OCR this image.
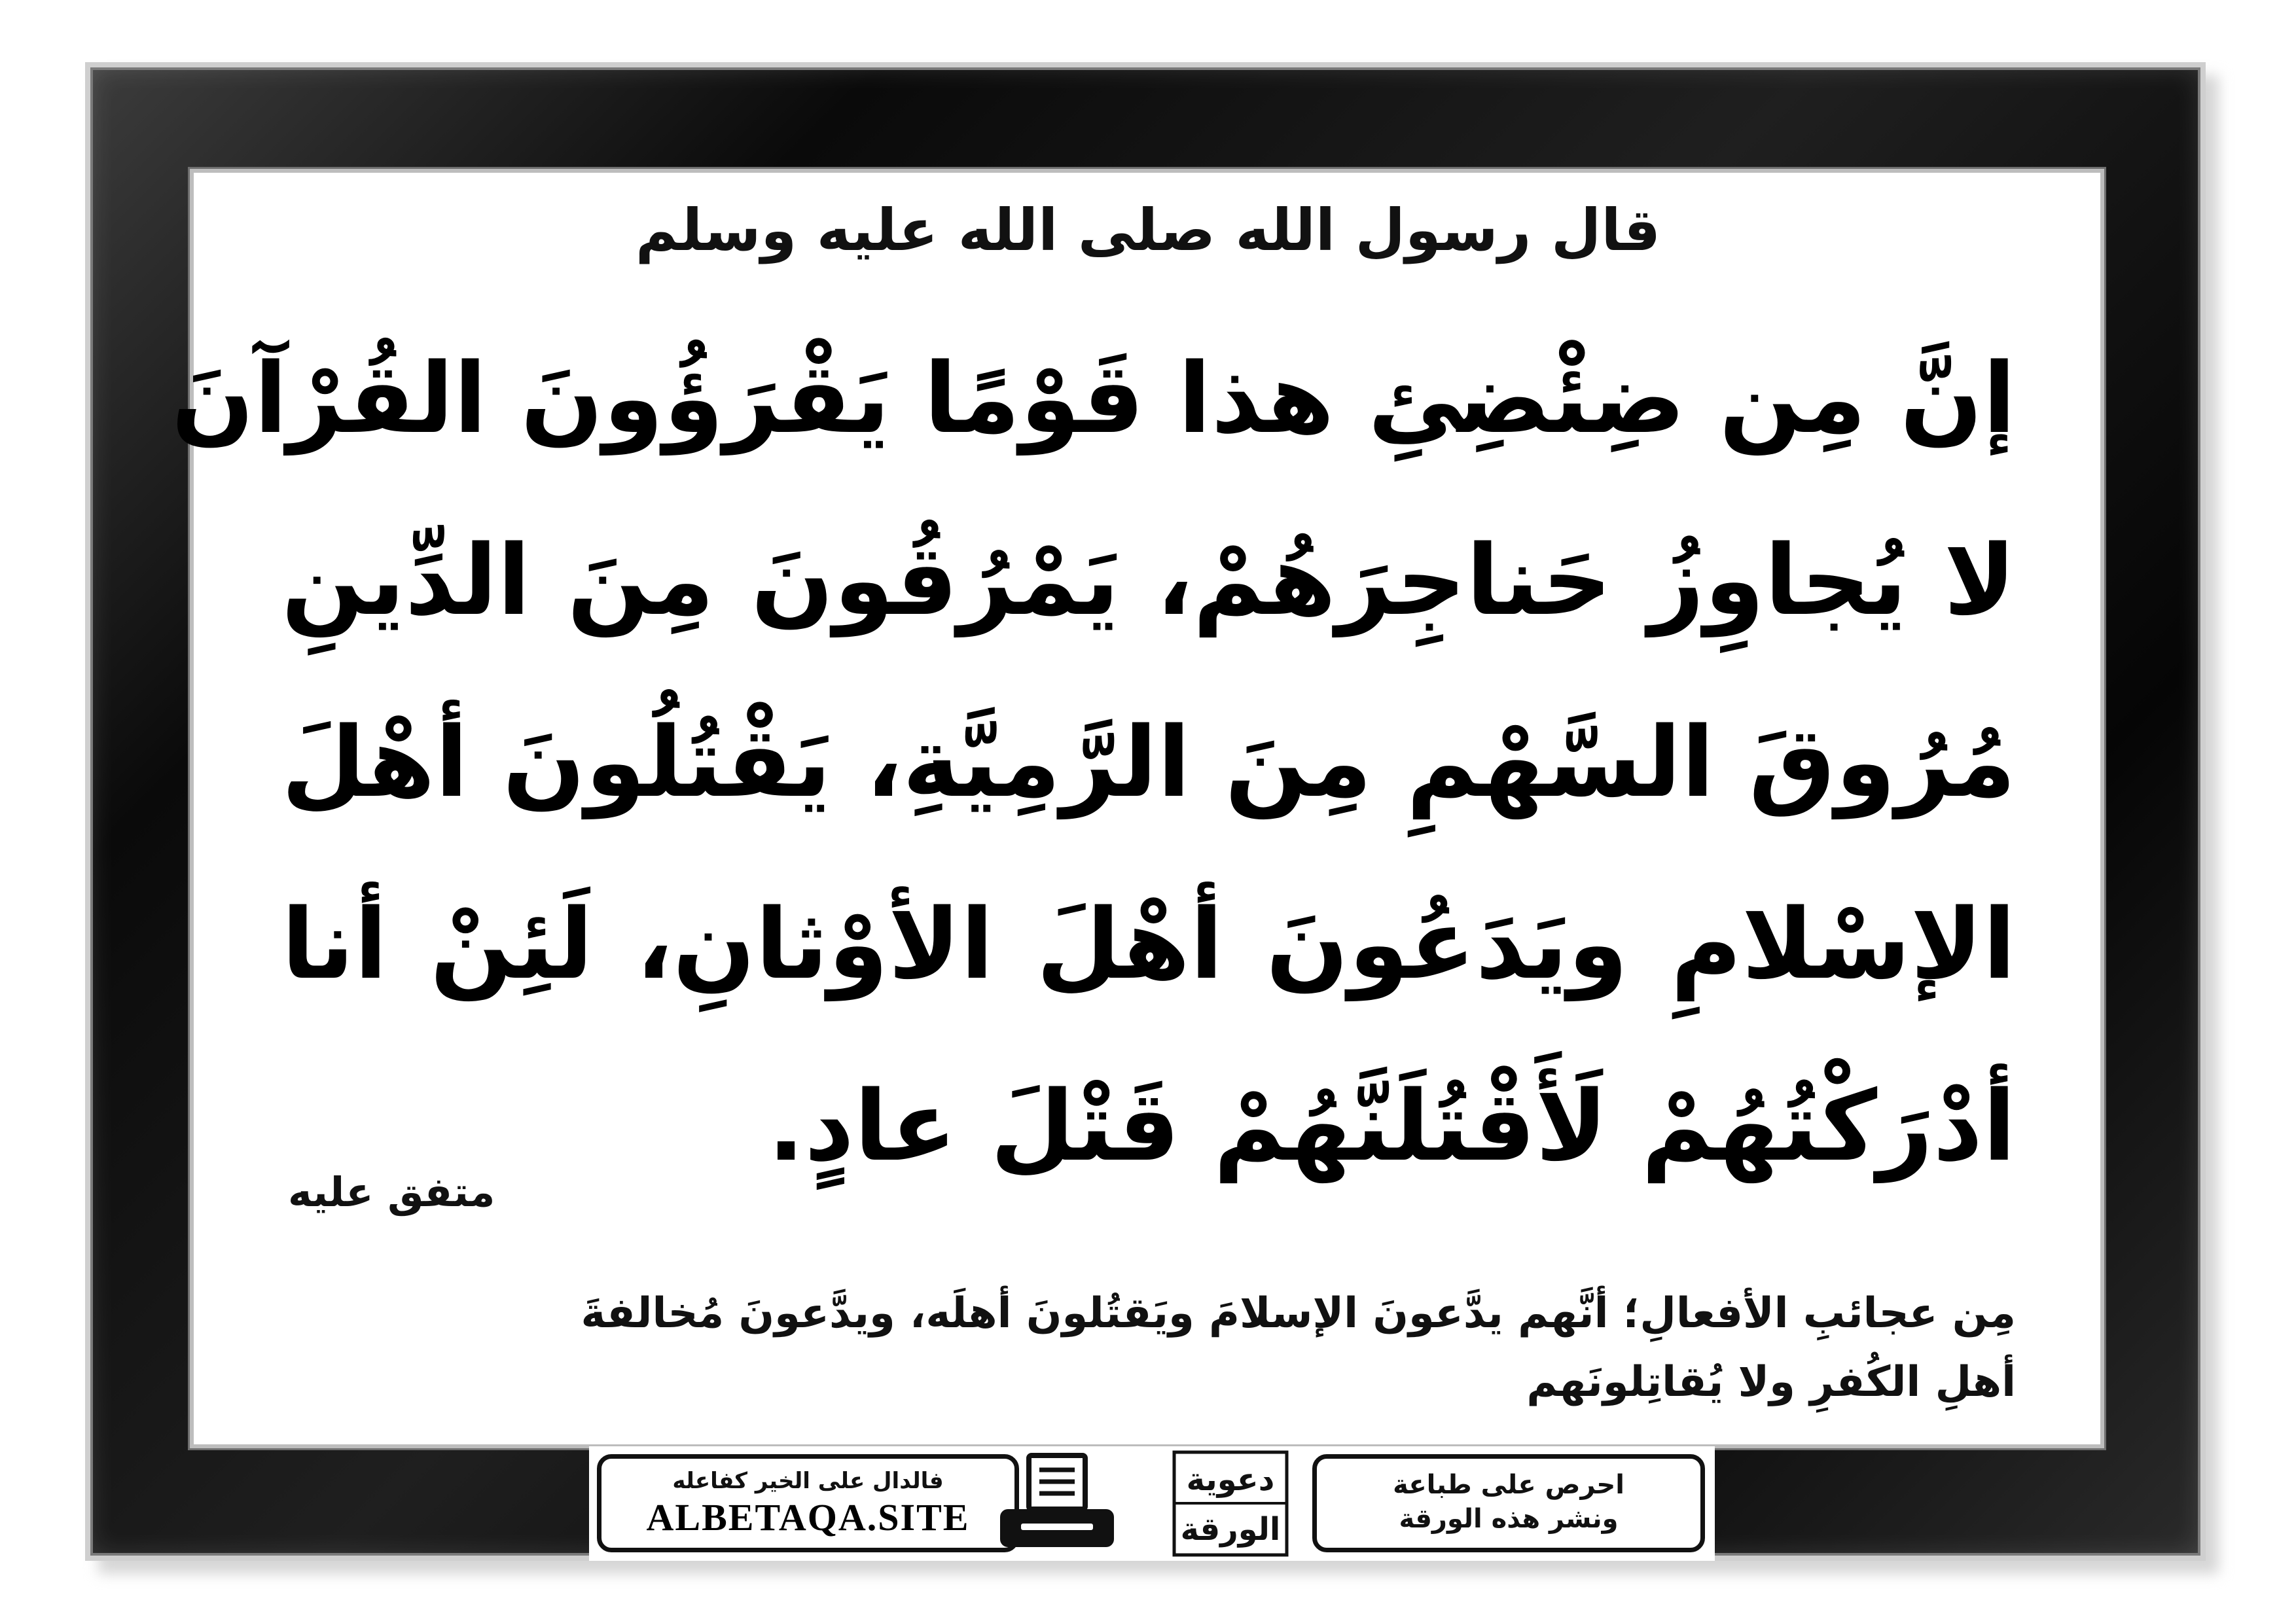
قال رسول الله صلى الله عليه وسلم
إنَّ مِن ضِئْضِئِ هذا قَوْمًا يَقْرَؤُونَ القُرْآنَ
لا يُجاوِزُ حَناجِرَهُمْ، يَمْرُقُونَ مِنَ الدِّينِ
مُرُوقَ السَّهْمِ مِنَ الرَّمِيَّةِ، يَقْتُلُونَ أهْلَ
الإسْلامِ ويَدَعُونَ أهْلَ الأوْثانِ، لَئِنْ أنا
أدْرَكْتُهُمْ لَأَقْتُلَنَّهُمْ قَتْلَ عادٍ.
متفق عليه
مِن عجائبِ الأفعالِ؛ أنَّهم يدَّعونَ الإسلامَ ويَقتُلونَ أهلَه، ويدَّعونَ مُخالفةَ
أهلِ الكُفرِ ولا يُقاتِلونَهم
فالدال على الخير كفاعله
ALBETAQA.SITE
دعوية
الورقة
احرص على طباعة
ونشر هذه الورقة
